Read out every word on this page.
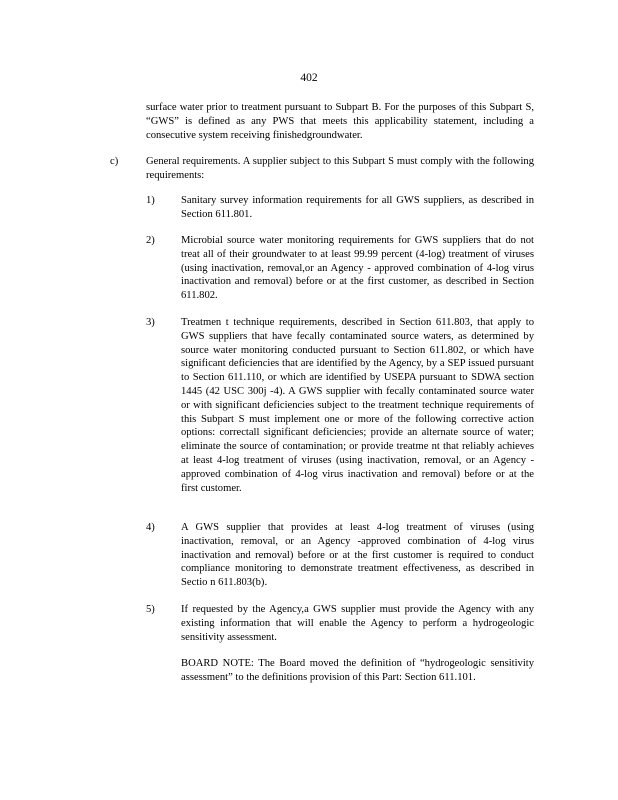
402
surface water prior to treatment pursuant to Subpart B. For the purposes of this Subpart S, “GWS” is defined as any PWS that meets this applicability statement, including a consecutive system receiving finishedgroundwater.
c)	General requirements. A supplier subject to this Subpart S must comply with the following requirements:
1) Sanitary survey information requirements for all GWS suppliers, as described in Section 611.801.
2) Microbial source water monitoring requirements for GWS suppliers that do not treat all of their groundwater to at least 99.99 percent (4-log) treatment of viruses (using inactivation, removal,or an Agency - approved combination of 4-log virus inactivation and removal) before or at the first customer, as described in Section 611.802.
3) Treatmen t technique requirements, described in Section 611.803, that apply to GWS suppliers that have fecally contaminated source waters, as determined by source water monitoring conducted pursuant to Section 611.802, or which have significant deficiencies that are identified by the Agency, by a SEP issued pursuant to Section 611.110, or which are identified by USEPA pursuant to SDWA section 1445 (42 USC 300j -4). A GWS supplier with fecally contaminated source water or with significant deficiencies subject to the treatment technique requirements of this Subpart S must implement one or more of the following corrective action options: correctall significant deficiencies; provide an alternate source of water; eliminate the source of contamination; or provide treatme nt that reliably achieves at least 4-log treatment of viruses (using inactivation, removal, or an Agency -approved combination of 4-log virus inactivation and removal) before or at the first customer.
4) A GWS supplier that provides at least 4-log treatment of viruses (using inactivation, removal, or an Agency -approved combination of 4-log virus inactivation and removal) before or at the first customer is required to conduct compliance monitoring to demonstrate treatment effectiveness, as described in Sectio n 611.803(b).
5) If requested by the Agency,a GWS supplier must provide the Agency with any existing information that will enable the Agency to perform a hydrogeologic sensitivity assessment.
BOARD NOTE: The Board moved the definition of “hydrogeologic sensitivity assessment” to the definitions provision of this Part: Section 611.101.
